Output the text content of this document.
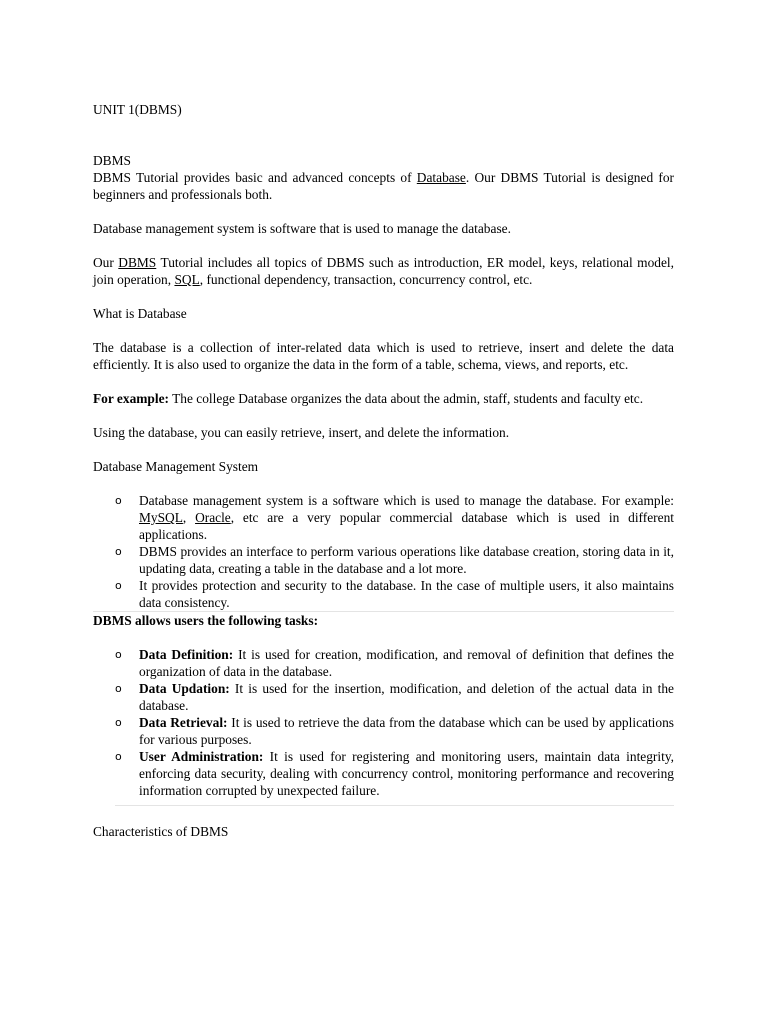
UNIT 1(DBMS)

DBMS

DBMS Tutorial provides basic and advanced concepts of Database. Our DBMS Tutorial is designed for beginners and professionals both.

Database management system is software that is used to manage the database.

Our DBMS Tutorial includes all topics of DBMS such as introduction, ER model, keys, relational model, join operation, SQL, functional dependency, transaction, concurrency control, etc.

What is Database

The database is a collection of inter-related data which is used to retrieve, insert and delete the data efficiently. It is also used to organize the data in the form of a table, schema, views, and reports, etc.

For example: The college Database organizes the data about the admin, staff, students and faculty etc.

Using the database, you can easily retrieve, insert, and delete the information.

Database Management System

o Database management system is a software which is used to manage the database. For example: MySQL, Oracle, etc are a very popular commercial database which is used in different applications.
o DBMS provides an interface to perform various operations like database creation, storing data in it, updating data, creating a table in the database and a lot more.
o It provides protection and security to the database. In the case of multiple users, it also maintains data consistency.

DBMS allows users the following tasks:

o Data Definition: It is used for creation, modification, and removal of definition that defines the organization of data in the database.
o Data Updation: It is used for the insertion, modification, and deletion of the actual data in the database.
o Data Retrieval: It is used to retrieve the data from the database which can be used by applications for various purposes.
o User Administration: It is used for registering and monitoring users, maintain data integrity, enforcing data security, dealing with concurrency control, monitoring performance and recovering information corrupted by unexpected failure.

Characteristics of DBMS
